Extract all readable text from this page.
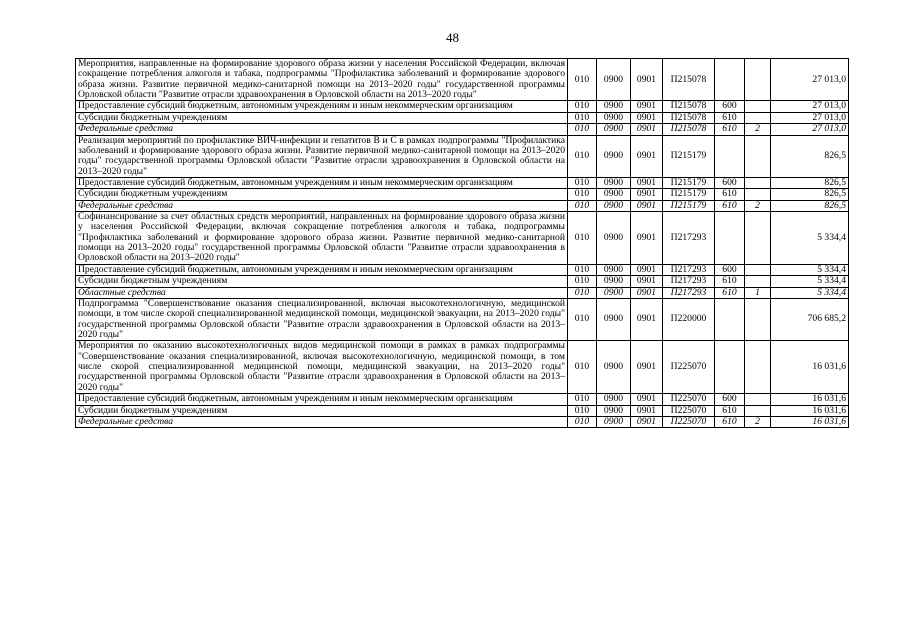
48
Мероприятия, направленные на формирование здорового образа жизни у населения Российской Федерации, включая сокращение потребления алкоголя и табака, подпрограммы "Профилактика заболеваний и формирование здорового образа жизни. Развитие первичной медико-санитарной помощи на 2013–2020 годы" государственной программы Орловской области "Развитие отрасли здравоохранения в Орловской области на 2013–2020 годы"	010	0900	0901	П215078			27 013,0
Предоставление субсидий бюджетным, автономным учреждениям и иным некоммерческим организациям	010	0900	0901	П215078	600		27 013,0
Субсидии бюджетным учреждениям	010	0900	0901	П215078	610		27 013,0
Федеральные средства	010	0900	0901	П215078	610	2	27 013,0
Реализация мероприятий по профилактике ВИЧ-инфекции и гепатитов В и С в рамках подпрограммы "Профилактика заболеваний и формирование здорового образа жизни. Развитие первичной медико-санитарной помощи на 2013–2020 годы" государственной программы Орловской области "Развитие отрасли здравоохранения в Орловской области на 2013–2020 годы"	010	0900	0901	П215179			826,5
Предоставление субсидий бюджетным, автономным учреждениям и иным некоммерческим организациям	010	0900	0901	П215179	600		826,5
Субсидии бюджетным учреждениям	010	0900	0901	П215179	610		826,5
Федеральные средства	010	0900	0901	П215179	610	2	826,5
Софинансирование за счет областных средств мероприятий, направленных на формирование здорового образа жизни у населения Российской Федерации, включая сокращение потребления алкоголя и табака, подпрограммы "Профилактика заболеваний и формирование здорового образа жизни. Развитие первичной медико-санитарной помощи на 2013–2020 годы" государственной программы Орловской области "Развитие отрасли здравоохранения в Орловской области на 2013–2020 годы"	010	0900	0901	П217293			5 334,4
Предоставление субсидий бюджетным, автономным учреждениям и иным некоммерческим организациям	010	0900	0901	П217293	600		5 334,4
Субсидии бюджетным учреждениям	010	0900	0901	П217293	610		5 334,4
Областные средства	010	0900	0901	П217293	610	1	5 334,4
Подпрограмма "Совершенствование оказания специализированной, включая высокотехнологичную, медицинской помощи, в том числе скорой специализированной медицинской помощи, медицинской эвакуации, на 2013–2020 годы" государственной программы Орловской области "Развитие отрасли здравоохранения в Орловской области на 2013–2020 годы"	010	0900	0901	П220000			706 685,2
Мероприятия по оказанию высокотехнологичных видов медицинской помощи в рамках в рамках подпрограммы "Совершенствование оказания специализированной, включая высокотехнологичную, медицинской помощи, в том числе скорой специализированной медицинской помощи, медицинской эвакуации, на 2013–2020 годы" государственной программы Орловской области "Развитие отрасли здравоохранения в Орловской области на 2013–2020 годы"	010	0900	0901	П225070			16 031,6
Предоставление субсидий бюджетным, автономным учреждениям и иным некоммерческим организациям	010	0900	0901	П225070	600		16 031,6
Субсидии бюджетным учреждениям	010	0900	0901	П225070	610		16 031,6
Федеральные средства	010	0900	0901	П225070	610	2	16 031,6
